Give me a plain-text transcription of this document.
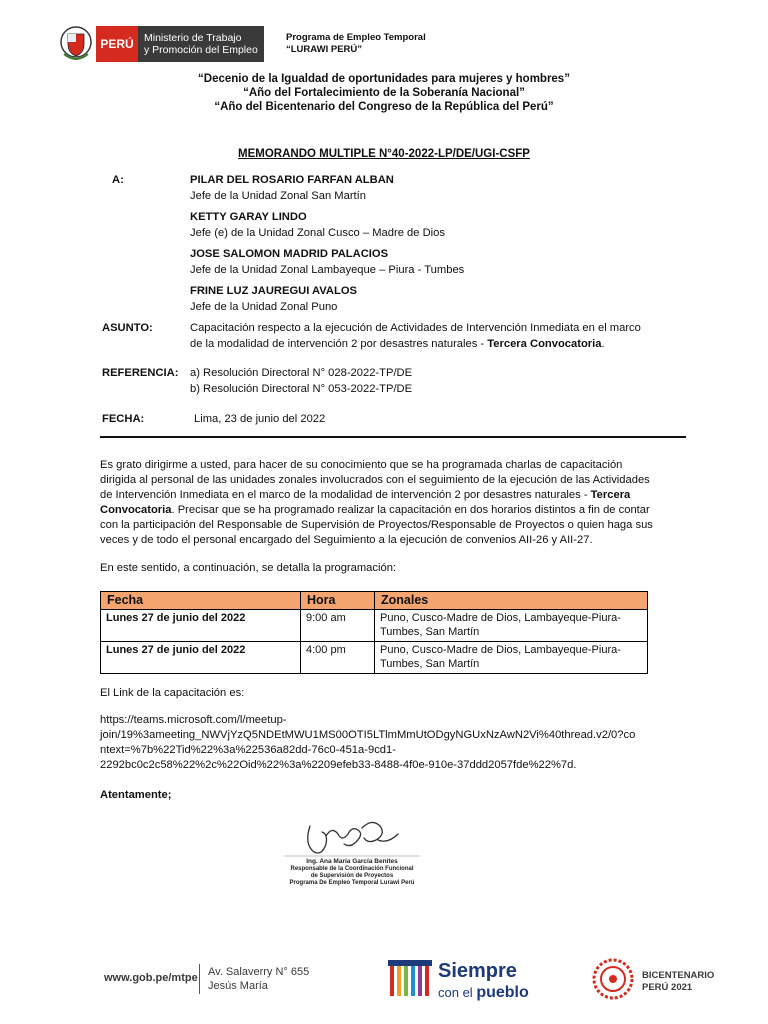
PERÚ Ministerio de Trabajo
y Promoción del Empleo
Programa de Empleo Temporal
“LURAWI PERÚ”
“Decenio de la Igualdad de oportunidades para mujeres y hombres”
“Año del Fortalecimiento de la Soberanía Nacional”
“Año del Bicentenario del Congreso de la República del Perú”
MEMORANDO MULTIPLE N°40-2022-LP/DE/UGI-CSFP
A:	PILAR DEL ROSARIO FARFAN ALBAN
Jefe de la Unidad Zonal San Martín
KETTY GARAY LINDO
Jefe (e) de la Unidad Zonal Cusco – Madre de Dios
JOSE SALOMON MADRID PALACIOS
Jefe de la Unidad Zonal Lambayeque – Piura - Tumbes
FRINE LUZ JAUREGUI AVALOS
Jefe de la Unidad Zonal Puno
ASUNTO:	Capacitación respecto a la ejecución de Actividades de Intervención Inmediata en el marco
de la modalidad de intervención 2 por desastres naturales - Tercera Convocatoria.
REFERENCIA: a) Resolución Directoral N° 028-2022-TP/DE
b) Resolución Directoral N° 053-2022-TP/DE
FECHA:	Lima, 23 de junio del 2022
Es grato dirigirme a usted, para hacer de su conocimiento que se ha programada charlas de capacitación
dirigida al personal de las unidades zonales involucrados con el seguimiento de la ejecución de las Actividades
de Intervención Inmediata en el marco de la modalidad de intervención 2 por desastres naturales - Tercera
Convocatoria. Precisar que se ha programado realizar la capacitación en dos horarios distintos a fin de contar
con la participación del Responsable de Supervisión de Proyectos/Responsable de Proyectos o quien haga sus
veces y de todo el personal encargado del Seguimiento a la ejecución de convenios AII-26 y AII-27.
En este sentido, a continuación, se detalla la programación:
Fecha	Hora	Zonales
Lunes 27 de junio del 2022	9:00 am	Puno, Cusco-Madre de Dios, Lambayeque-Piura-
Tumbes, San Martín

Lunes 27 de junio del 2022	4:00 pm	Puno, Cusco-Madre de Dios, Lambayeque-Piura-
Tumbes, San Martín
El Link de la capacitación es:
https://teams.microsoft.com/l/meetup-
join/19%3ameeting_NWVjYzQ5NDEtMWU1MS00OTI5LTlmMmUtODgyNGUxNzAwN2Vi%40thread.v2/0?co
ntext=%7b%22Tid%22%3a%22536a82dd-76c0-451a-9cd1-
2292bc0c2c58%22%2c%22Oid%22%3a%2209efeb33-8488-4f0e-910e-37ddd2057fde%22%7d.
Atentamente;
Ing. Ana María García Benites
Responsable de la Coordinación Funcional
de Supervisión de Proyectos
Programa De Empleo Temporal Lurawi Perú
www.gob.pe/mtpe Av. Salaverry N° 655
Jesús María
Siempre
con el pueblo
BICENTENARIO
PERÚ 2021
